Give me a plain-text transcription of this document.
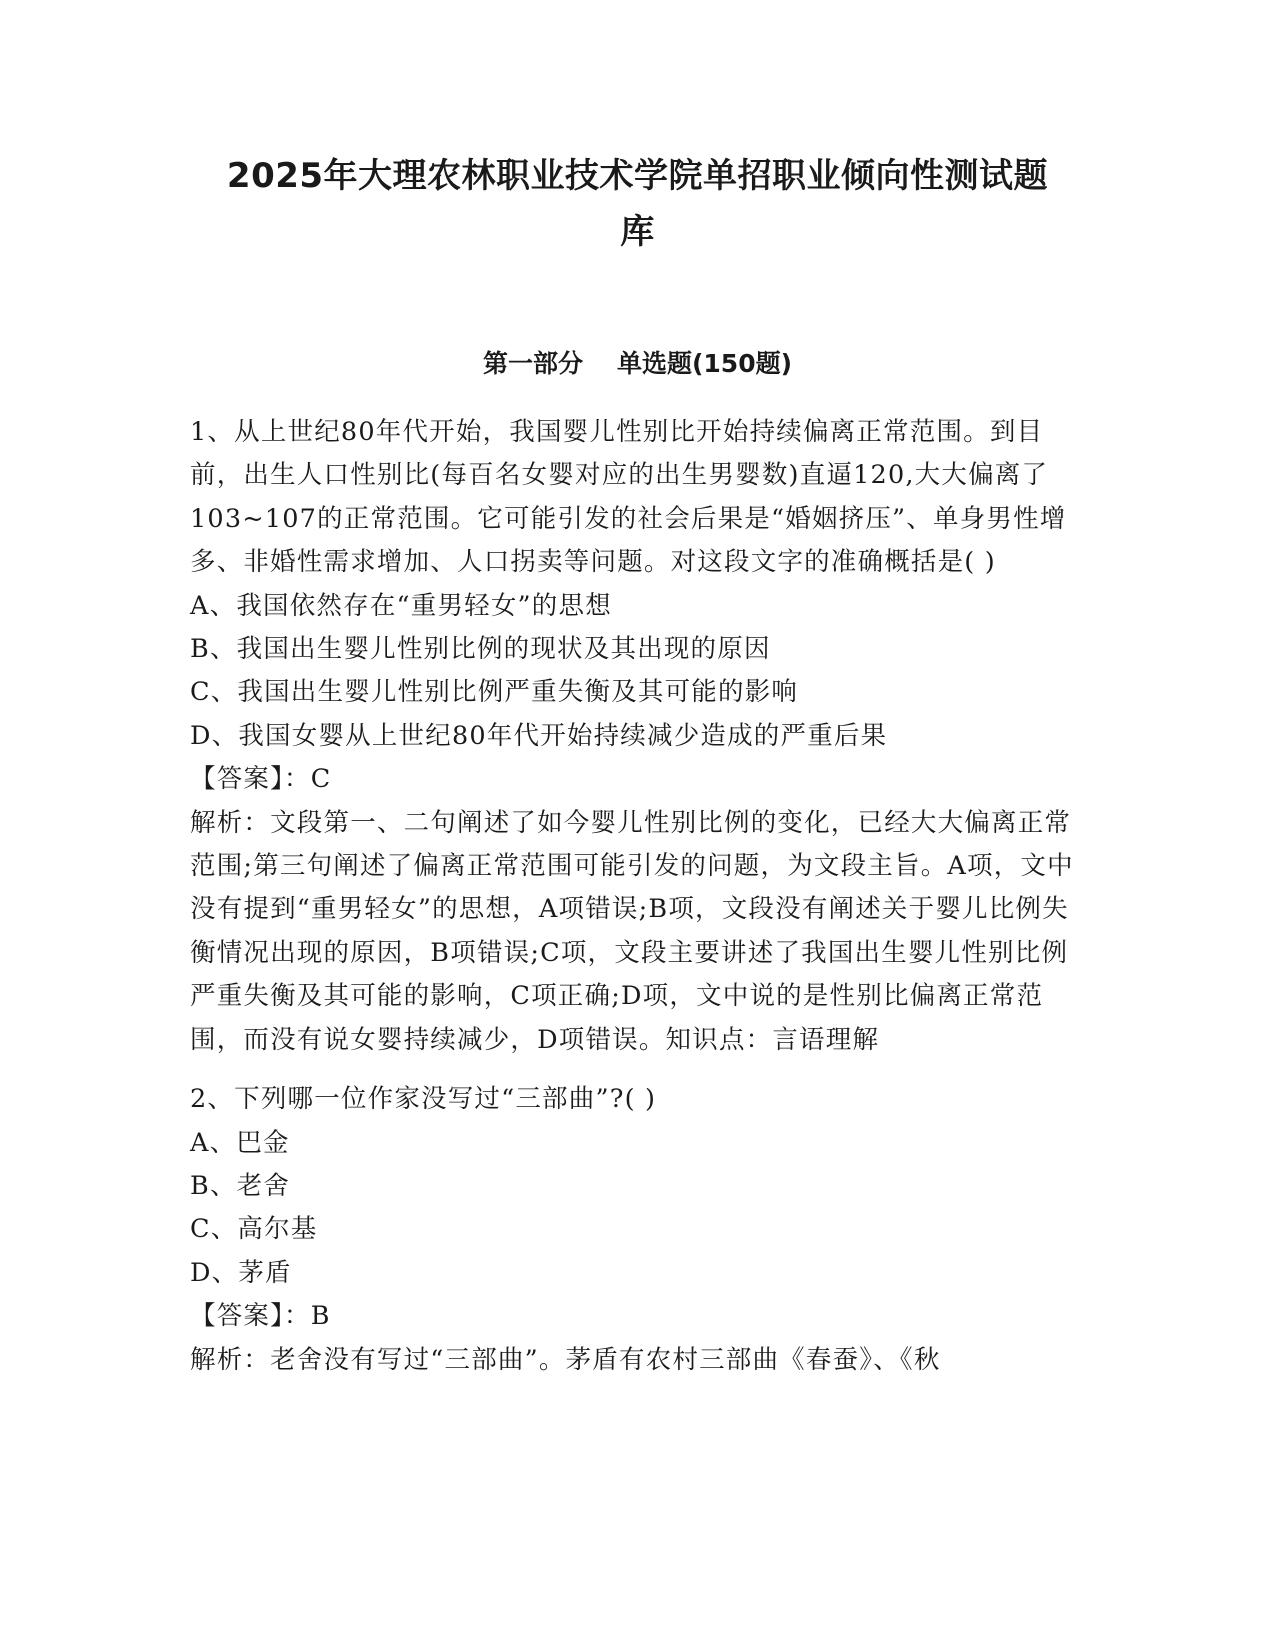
2025年大理农林职业技术学院单招职业倾向性测试题
库
第一部分 单选题(150题)

1、从上世纪80年代开始，我国婴儿性别比开始持续偏离正常范围。到目前，出生人口性别比(每百名女婴对应的出生男婴数)直逼120,大大偏离了103~107的正常范围。它可能引发的社会后果是“婚姻挤压”、单身男性增多、非婚性需求增加、人口拐卖等问题。对这段文字的准确概括是( )

A、我国依然存在“重男轻女”的思想

B、我国出生婴儿性别比例的现状及其出现的原因

C、我国出生婴儿性别比例严重失衡及其可能的影响

D、我国女婴从上世纪80年代开始持续减少造成的严重后果

【答案】：C

解析：文段第一、二句阐述了如今婴儿性别比例的变化，已经大大偏离正常范围;第三句阐述了偏离正常范围可能引发的问题，为文段主旨。A项，文中没有提到“重男轻女”的思想，A项错误;B项，文段没有阐述关于婴儿比例失衡情况出现的原因，B项错误;C项，文段主要讲述了我国出生婴儿性别比例严重失衡及其可能的影响，C项正确;D项，文中说的是性别比偏离正常范围，而没有说女婴持续减少，D项错误。知识点：言语理解

2、下列哪一位作家没写过“三部曲”?( )

A、巴金

B、老舍

C、高尔基

D、茅盾

【答案】：B

解析：老舍没有写过“三部曲”。茅盾有农村三部曲《春蚕》、《秋
